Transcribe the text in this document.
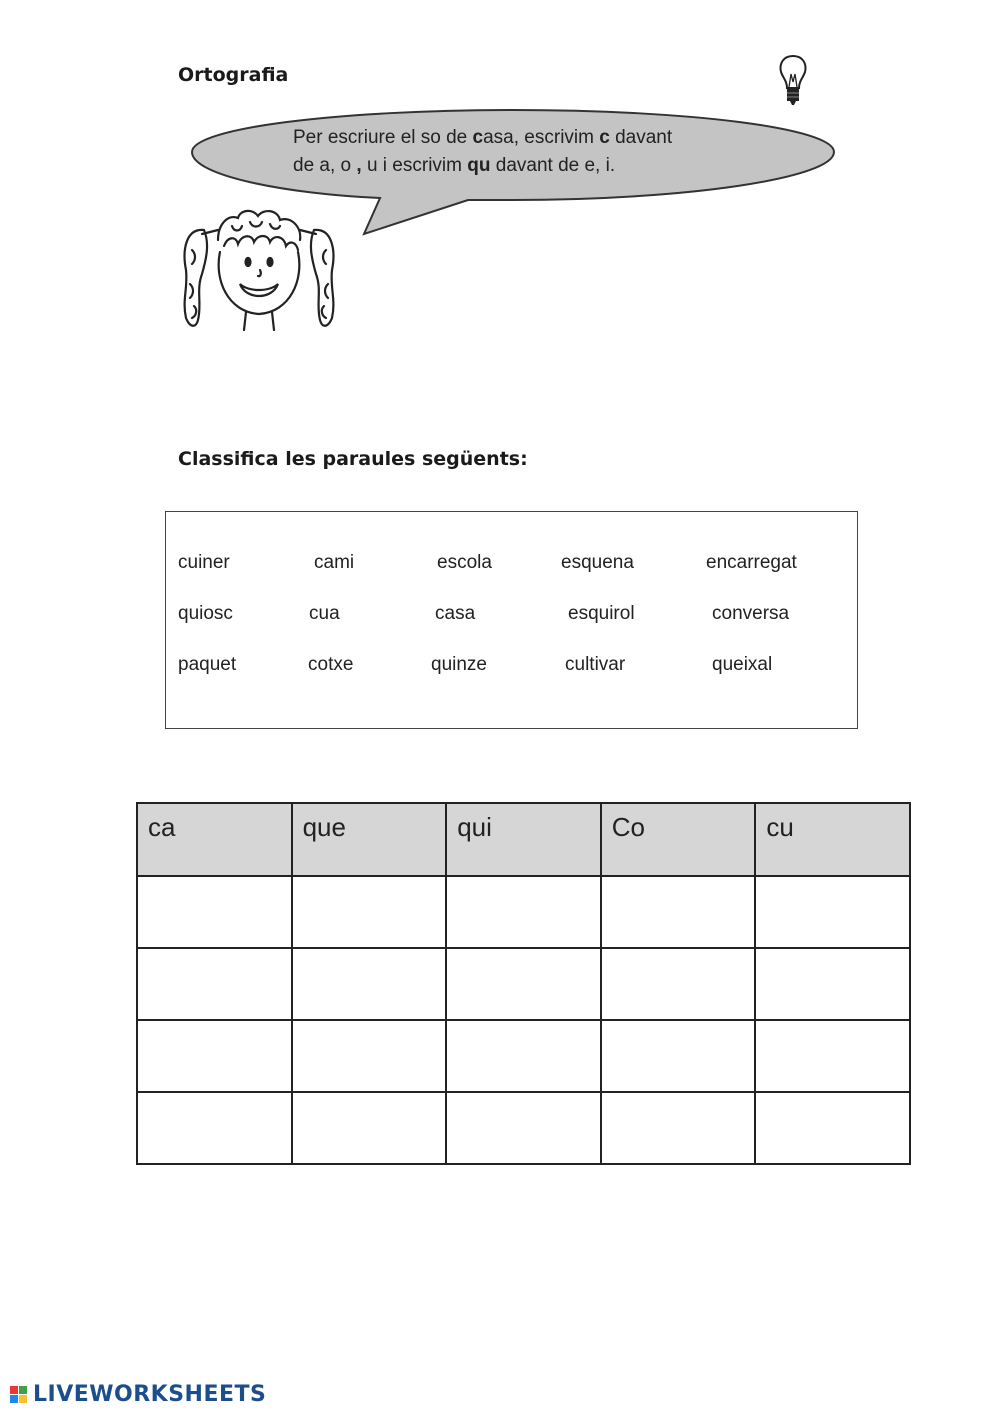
Ortografia
Per escriure el so de casa, escrivim c davant
de a, o , u i escrivim qu davant de e, i.
Classifica les paraules següents:
cuiner	cami	escola	esquena	encarregat
quiosc	cua	casa	esquirol	conversa
paquet	cotxe	quinze	cultivar	queixal
ca	que	qui	Co	cu

LIVEWORKSHEETS
